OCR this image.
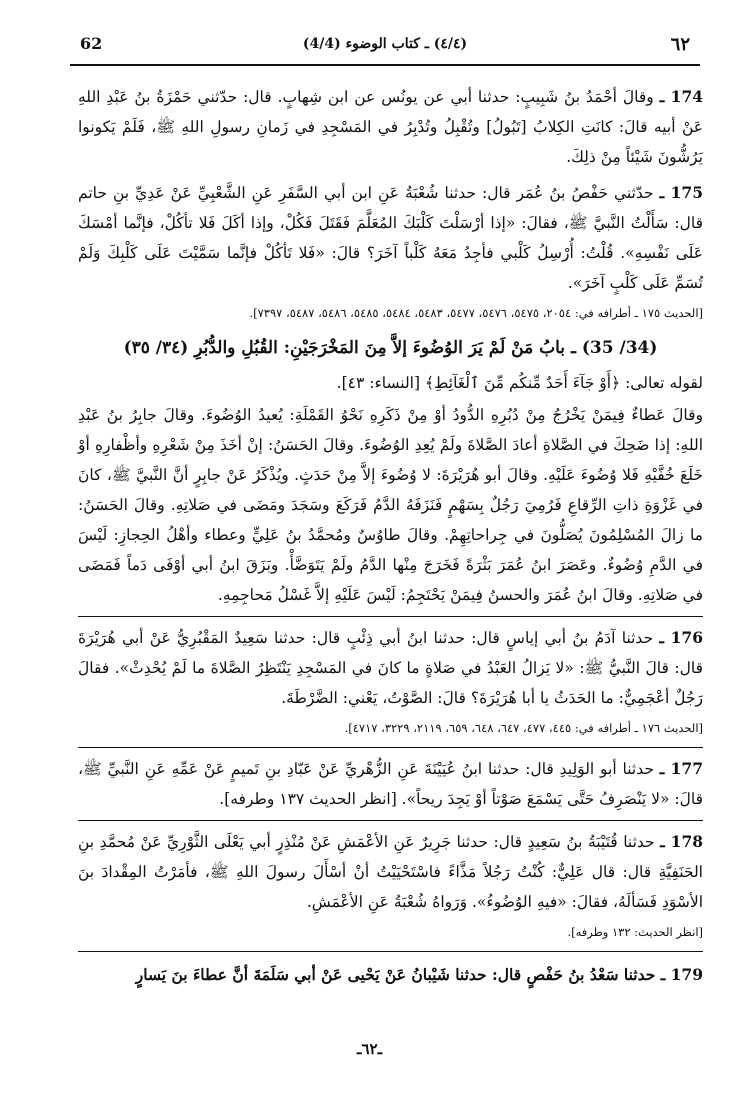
62	(٤/٤) ـ كتاب الوضوء (4/4)	٦٢

174 ـ وقالَ أحْمَدُ بنُ شَبِيبٍ: حدثنا أبي عن يونُس عن ابن شِهابٍ. قال: حدّثني حَمْزَةُ بنُ عَبْدِ اللهِ عَنْ أبيه قالَ: كانَتِ الكِلابُ [تَبُولُ] وتُقْبِلُ وتُدْبِرُ في المَسْجِدِ في زَمانِ رسولِ اللهِ ﷺ، فَلَمْ يَكونوا يَرُشُّونَ شَيْئاً مِنْ ذلِكَ.

175 ـ حدّثني حَفْصُ بنُ عُمَر قال: حدثنا شُعْبَةُ عَنِ ابن أبي السَّفَرِ عَنِ الشَّعْبِيِّ عَنْ عَدِيِّ بنِ حاتم قال: سَأَلْتُ النَّبيَّ ﷺ، فقالَ: «إذا أرْسَلْتَ كَلْبَكَ المُعَلَّمَ فَقَتَلَ فَكُلْ، وإذا أكَلَ فَلا تأكُلْ، فإنَّما أمْسَكَ عَلَى نَفْسِهِ». قُلْتُ: أُرْسِلُ كَلْبي فأجِدُ مَعَهُ كَلْباً آخَرَ؟ قالَ: «فَلا تَأكُلْ فإنَّما سَمَّيْتَ عَلَى كَلْبِكَ وَلَمْ تُسَمِّ عَلَى كَلْبٍ آخَرَ».

[الحديث ١٧٥ ـ أطرافه في: ٢٠٥٤، ٥٤٧٥، ٥٤٧٦، ٥٤٧٧، ٥٤٨٣، ٥٤٨٤، ٥٤٨٥، ٥٤٨٦، ٥٤٨٧، ٧٣٩٧].
(34/ 35) ـ بابُ مَنْ لَمْ يَرَ الوُضُوءَ إلاَّ مِنَ المَخْرَجَيْنِ: القُبُلِ والدُّبُرِ (٣٤/ ٣٥)
لقوله تعالى: ﴿أَوْ جَآءَ أَحَدٌ مِّنكُم مِّنَ ٱلْغَآئِطِ﴾ [النساء: ٤٣].

وقالَ عَطاءٌ فِيمَنْ يَخْرُجُ مِنْ دُبُرِهِ الدُّودُ أوْ مِنْ ذَكَرِهِ نَحْوُ القَمْلَةِ: يُعيدُ الوُضُوءَ. وقالَ جابِرُ بنُ عَبْدِ اللهِ: إذا ضَحِكَ في الصَّلاةِ أعادَ الصَّلاةَ ولَمْ يُعِدِ الوُضُوءَ. وقالَ الحَسَنُ: إنْ أخَذَ مِنْ شَعْرِهِ وأظْفارِهِ أوْ خَلَعَ خُفَّيْهِ فَلا وُضُوءَ عَلَيْهِ. وقالَ أبو هُرَيْرَةَ: لا وُضُوءَ إلاَّ مِنْ حَدَثٍ. ويُذْكَرُ عَنْ جابِرٍ أنَّ النَّبيَّ ﷺ، كانَ في غَزْوَةِ ذاتِ الرِّقاعِ فَرُمِيَ رَجُلٌ بِسَهْمٍ فَنَزَفَهُ الدَّمُ فَرَكَعَ وسَجَدَ ومَضَى في صَلاتِهِ. وقالَ الحَسَنُ: ما زالَ المُسْلِمُونَ يُصَلُّونَ في جِراحاتِهِمْ. وقالَ طاوُسٌ ومُحمَّدُ بنُ عَلِيٍّ وعطاء وأهْلُ الحِجازِ: لَيْسَ في الدَّمِ وُضُوءٌ. وعَصَرَ ابنُ عُمَرَ بَثْرَةً فَخَرَجَ مِنْها الدَّمُ ولَمْ يَتَوَضَّأْ. وبَزَقَ ابنُ أبي أوْفَى دَماً فَمَضَى في صَلاتِهِ. وقالَ ابنُ عُمَرَ والحسنُ فِيمَنْ يَحْتَجِمُ: لَيْسَ عَلَيْهِ إلاَّ غَسْلُ مَحاجِمِهِ.

176 ـ حدثنا آدَمُ بنُ أبي إياسٍ قال: حدثنا ابنُ أبي ذِئْبٍ قال: حدثنا سَعِيدٌ المَقْبُرِيُّ عَنْ أبي هُرَيْرَةَ قال: قالَ النَّبيُّ ﷺ: «لا يَزالُ العَبْدُ في صَلاةٍ ما كانَ في المَسْجِدِ يَنْتَظِرُ الصَّلاةَ ما لَمْ يُحْدِثْ». فقالَ رَجُلٌ أعْجَمِيٌّ: ما الحَدَثُ يا أبا هُرَيْرَةَ؟ قالَ: الصَّوْتُ، يَعْني: الضَّرْطَةَ.

[الحديث ١٧٦ ـ أطرافه في: ٤٤٥، ٤٧٧، ٦٤٧، ٦٤٨، ٦٥٩، ٢١١٩، ٣٢٢٩، ٤٧١٧].

177 ـ حدثنا أبو الوَلِيدِ قال: حدثنا ابنُ عُيَيْنَةَ عَنِ الزُّهْريِّ عَنْ عَبّادِ بنِ تَميمٍ عَنْ عَمِّهِ عَنِ النَّبيِّ ﷺ، قالَ: «لا يَنْصَرِفُ حَتَّى يَسْمَعَ صَوْتاً أوْ يَجِدَ ريحاً». [انظر الحديث ١٣٧ وطرفه].

178 ـ حدثنا قُتَيْبَةُ بنُ سَعِيدٍ قال: حدثنا جَرِيرٌ عَنِ الأعْمَشِ عَنْ مُنْذِرٍ أبي يَعْلَى الثَّوْرِيِّ عَنْ مُحمَّدِ بنِ الحَنَفِيَّةِ قال: قال عَلِيٌّ: كُنْتُ رَجُلاً مَذَّاءً فاسْتَحْيَيْتُ أنْ أسْأَلَ رسولَ اللهِ ﷺ، فأمَرْتُ المِقْدادَ بنَ الأسْوَدِ فَسَألَهُ، فقالَ: «فيهِ الوُضُوءُ». وَرَواهُ شُعْبَةُ عَنِ الأعْمَشِ.

[انظر الحديث: ١٣٢ وطرفه].
179 ـ حدثنا سَعْدُ بنُ حَفْصٍ قال: حدثنا شَيْبانُ عَنْ يَحْيى عَنْ أبي سَلَمَةَ أنَّ عطاءَ بنَ يَسارٍ
ـ٦٢ـ
